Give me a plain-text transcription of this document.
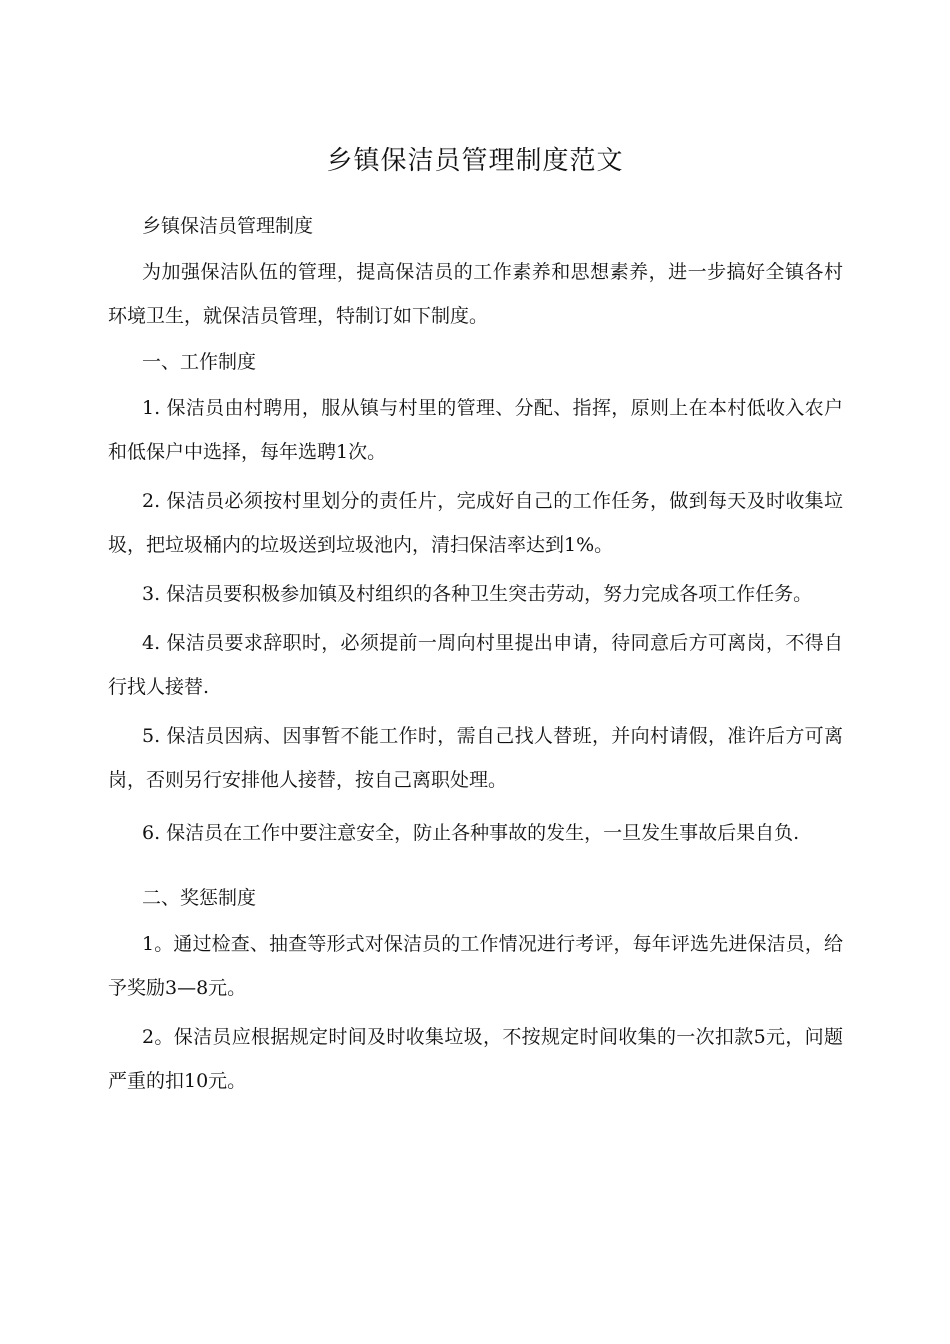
乡镇保洁员管理制度范文

乡镇保洁员管理制度

为加强保洁队伍的管理，提高保洁员的工作素养和思想素养，进一步搞好全镇各村环境卫生，就保洁员管理，特制订如下制度。

一、工作制度

1. 保洁员由村聘用，服从镇与村里的管理、分配、指挥，原则上在本村低收入农户和低保户中选择，每年选聘1次。

2. 保洁员必须按村里划分的责任片，完成好自己的工作任务，做到每天及时收集垃圾，把垃圾桶内的垃圾送到垃圾池内，清扫保洁率达到1%。

3. 保洁员要积极参加镇及村组织的各种卫生突击劳动，努力完成各项工作任务。

4. 保洁员要求辞职时，必须提前一周向村里提出申请，待同意后方可离岗，不得自行找人接替.

5. 保洁员因病、因事暂不能工作时，需自己找人替班，并向村请假，准许后方可离岗，否则另行安排他人接替，按自己离职处理。

6. 保洁员在工作中要注意安全，防止各种事故的发生，一旦发生事故后果自负.

二、奖惩制度

1。通过检查、抽查等形式对保洁员的工作情况进行考评，每年评选先进保洁员，给予奖励3—8元。

2。保洁员应根据规定时间及时收集垃圾，不按规定时间收集的一次扣款5元，问题严重的扣10元。
